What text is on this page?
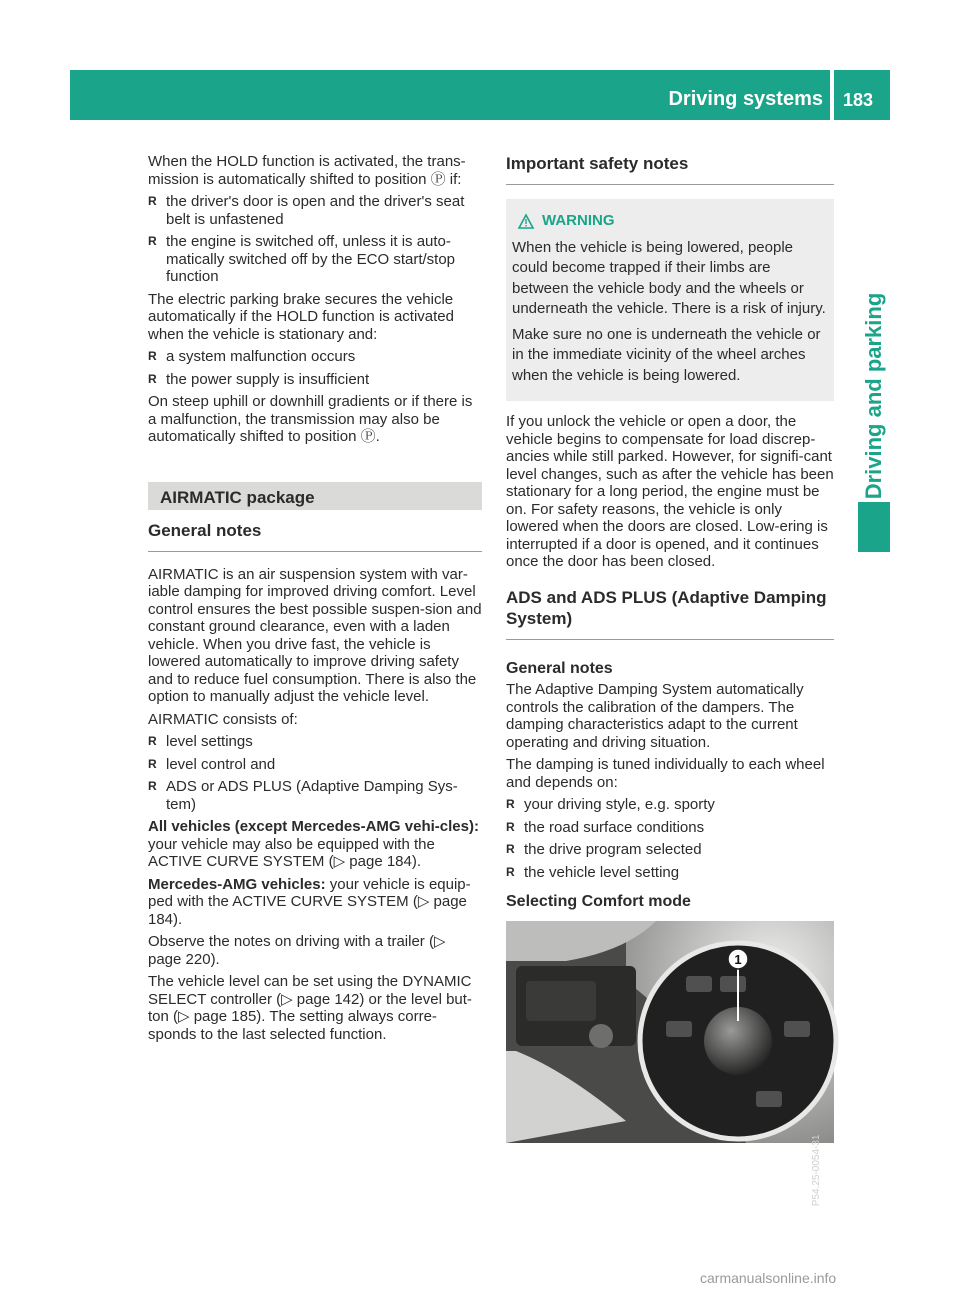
Driving systems 183
Driving and parking

When the HOLD function is activated, the trans-mission is automatically shifted to position Ⓟ if:

R the driver's door is open and the driver's seat belt is unfastened
R the engine is switched off, unless it is auto-matically switched off by the ECO start/stop function

The electric parking brake secures the vehicle automatically if the HOLD function is activated when the vehicle is stationary and:

R a system malfunction occurs
R the power supply is insufficient

On steep uphill or downhill gradients or if there is a malfunction, the transmission may also be automatically shifted to position Ⓟ.

AIRMATIC package
General notes

AIRMATIC is an air suspension system with var-iable damping for improved driving comfort. Level control ensures the best possible suspen-sion and constant ground clearance, even with a laden vehicle. When you drive fast, the vehicle is lowered automatically to improve driving safety and to reduce fuel consumption. There is also the option to manually adjust the vehicle level.

AIRMATIC consists of:

R level settings
R level control and
R ADS or ADS PLUS (Adaptive Damping Sys-tem)

All vehicles (except Mercedes-AMG vehi-cles): your vehicle may also be equipped with the ACTIVE CURVE SYSTEM (▷ page 184).

Mercedes-AMG vehicles: your vehicle is equip-ped with the ACTIVE CURVE SYSTEM (▷ page 184).

Observe the notes on driving with a trailer (▷ page 220).

The vehicle level can be set using the DYNAMIC SELECT controller (▷ page 142) or the level but-ton (▷ page 185). The setting always corre-sponds to the last selected function.

Important safety notes
WARNING

When the vehicle is being lowered, people could become trapped if their limbs are between the vehicle body and the wheels or underneath the vehicle. There is a risk of injury.

Make sure no one is underneath the vehicle or in the immediate vicinity of the wheel arches when the vehicle is being lowered.

If you unlock the vehicle or open a door, the vehicle begins to compensate for load discrep-ancies while still parked. However, for signifi-cant level changes, such as after the vehicle has been stationary for a long period, the engine must be on. For safety reasons, the vehicle is only lowered when the doors are closed. Low-ering is interrupted if a door is opened, and it continues once the door has been closed.

ADS and ADS PLUS (Adaptive Damping System)
General notes

The Adaptive Damping System automatically controls the calibration of the dampers. The damping characteristics adapt to the current operating and driving situation.

The damping is tuned individually to each wheel and depends on:

R your driving style, e.g. sporty
R the road surface conditions
R the drive program selected
R the vehicle level setting
Selecting Comfort mode
1
P54.25-0054-31
carmanualsonline.info
